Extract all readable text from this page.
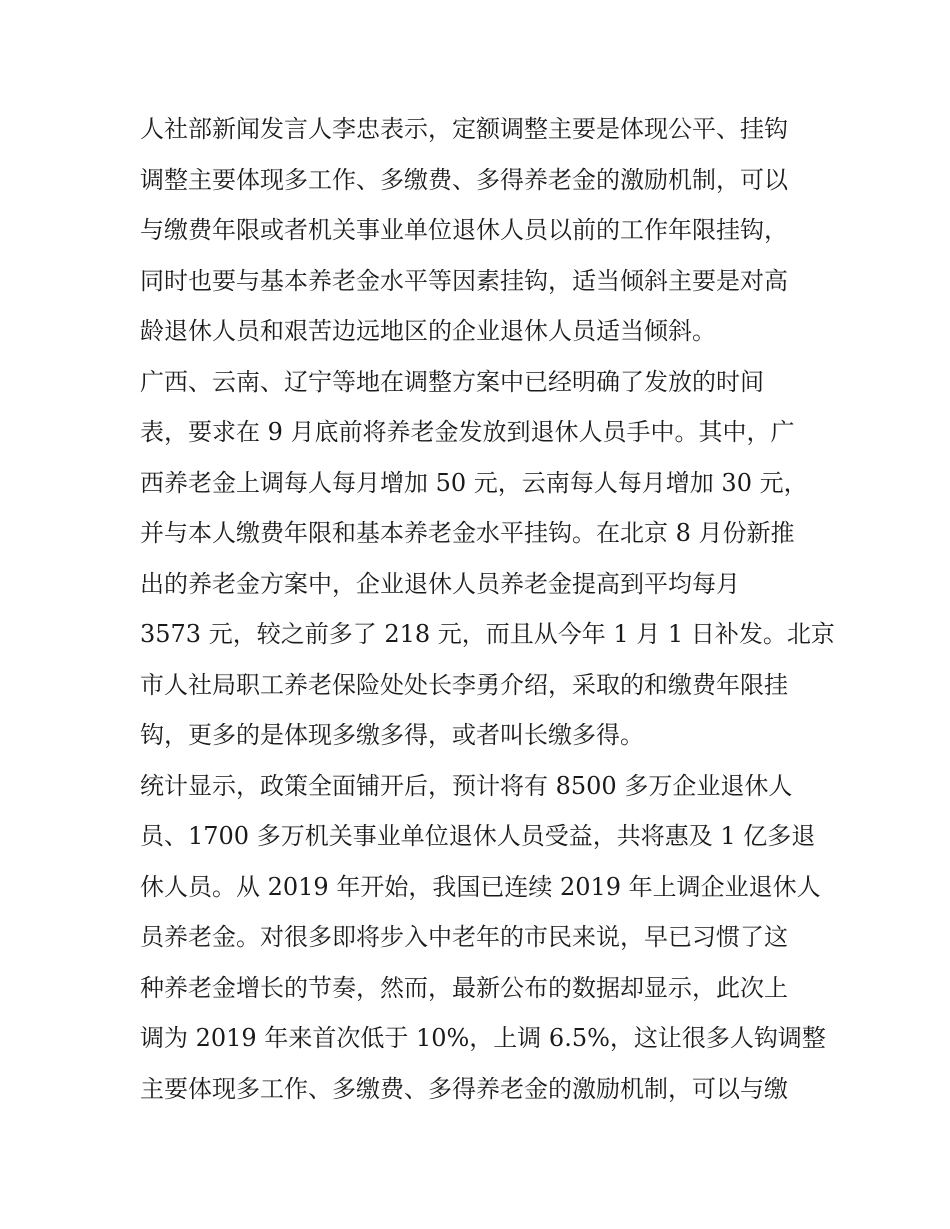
人社部新闻发言人李忠表示，定额调整主要是体现公平、挂钩
调整主要体现多工作、多缴费、多得养老金的激励机制，可以
与缴费年限或者机关事业单位退休人员以前的工作年限挂钩，
同时也要与基本养老金水平等因素挂钩，适当倾斜主要是对高
龄退休人员和艰苦边远地区的企业退休人员适当倾斜。
广西、云南、辽宁等地在调整方案中已经明确了发放的时间
表，要求在 9 月底前将养老金发放到退休人员手中。其中，广
西养老金上调每人每月增加 50 元，云南每人每月增加 30 元，
并与本人缴费年限和基本养老金水平挂钩。在北京 8 月份新推
出的养老金方案中，企业退休人员养老金提高到平均每月
3573 元，较之前多了 218 元，而且从今年 1 月 1 日补发。北京
市人社局职工养老保险处处长李勇介绍，采取的和缴费年限挂
钩，更多的是体现多缴多得，或者叫长缴多得。
统计显示，政策全面铺开后，预计将有 8500 多万企业退休人
员、1700 多万机关事业单位退休人员受益，共将惠及 1 亿多退
休人员。从 2019 年开始，我国已连续 2019 年上调企业退休人
员养老金。对很多即将步入中老年的市民来说，早已习惯了这
种养老金增长的节奏，然而，最新公布的数据却显示，此次上
调为 2019 年来首次低于 10%，上调 6.5%，这让很多人钩调整
主要体现多工作、多缴费、多得养老金的激励机制，可以与缴
